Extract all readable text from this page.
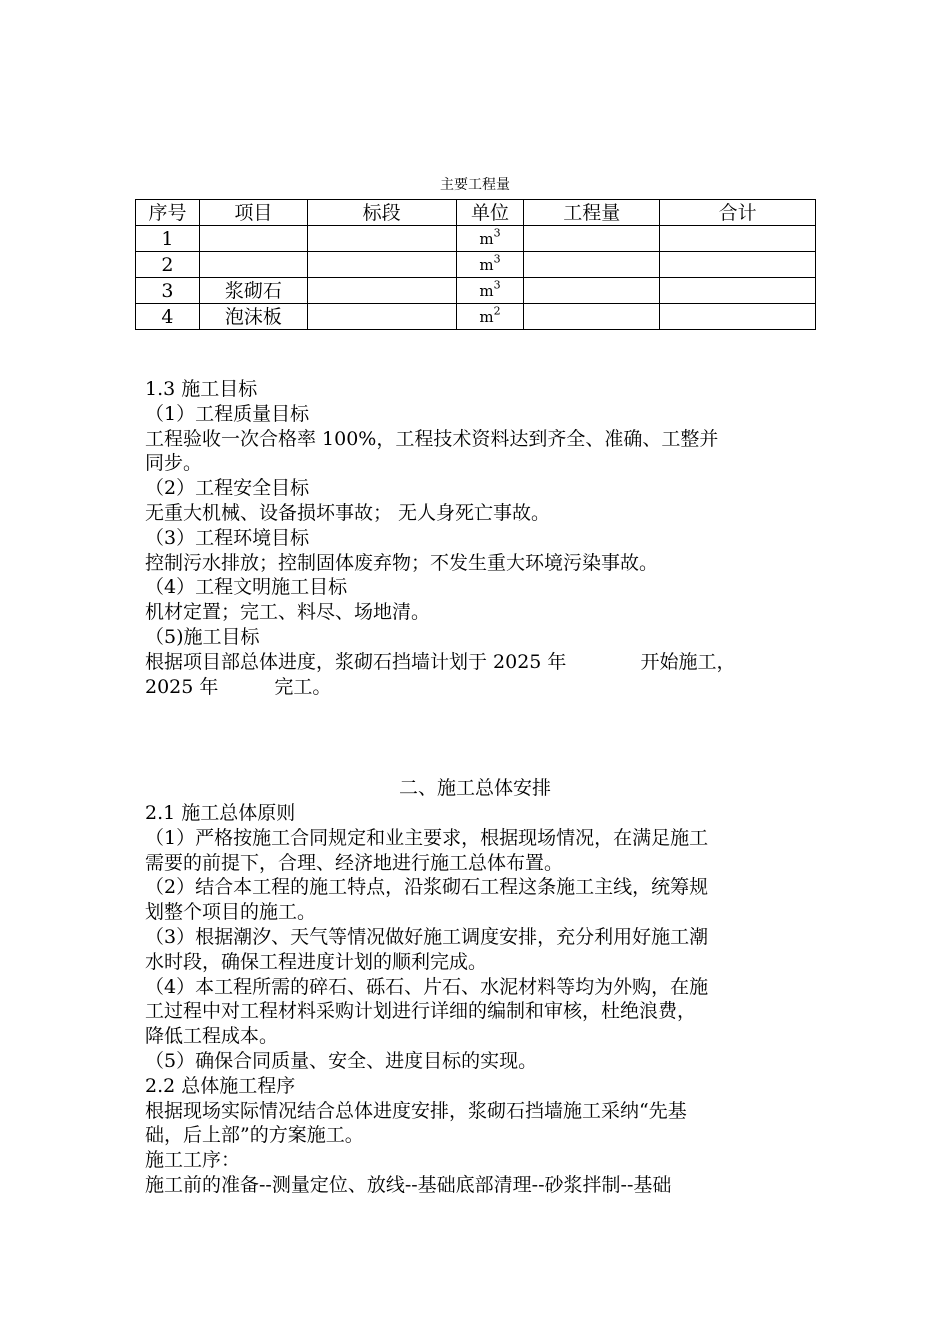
主要工程量
序号	项目	标段	单位	工程量	合计
1			$m^3$		
2			$m^3$		
3	浆砌石		$m^3$		
4	泡沫板		$m^2$		

1.3 施工目标

（1）工程质量目标

工程验收一次合格率 100%，工程技术资料达到齐全、准确、工整并

同步。

（2）工程安全目标

无重大机械、设备损坏事故； 无人身死亡事故。

（3）工程环境目标

控制污水排放；控制固体废弃物；不发生重大环境污染事故。

（4）工程文明施工目标

机材定置；完工、料尽、场地清。

（5)施工目标

根据项目部总体进度，浆砌石挡墙计划于 2025 年	开始施工，

2025 年	完工。

二、施工总体安排

2.1 施工总体原则

（1）严格按施工合同规定和业主要求，根据现场情况，在满足施工

需要的前提下，合理、经济地进行施工总体布置。

（2）结合本工程的施工特点，沿浆砌石工程这条施工主线，统筹规

划整个项目的施工。

（3）根据潮汐、天气等情况做好施工调度安排，充分利用好施工潮

水时段，确保工程进度计划的顺利完成。

（4）本工程所需的碎石、砾石、片石、水泥材料等均为外购，在施

工过程中对工程材料采购计划进行详细的编制和审核，杜绝浪费，

降低工程成本。

（5）确保合同质量、安全、进度目标的实现。

2.2 总体施工程序

根据现场实际情况结合总体进度安排，浆砌石挡墙施工采纳“先基

础，后上部”的方案施工。

施工工序：

施工前的准备--测量定位、放线--基础底部清理--砂浆拌制--基础
